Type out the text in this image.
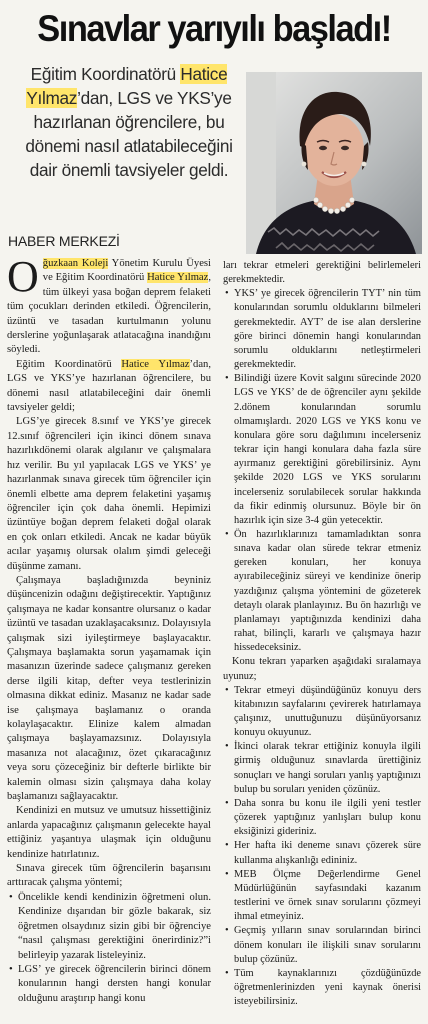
Sınavlar yarıyılı başladı!
Eğitim Koordinatörü Hatice Yılmaz’dan, LGS ve YKS’ye hazırlanan öğrencilere, bu dönemi nasıl atlatabileceğini dair önemli tavsiyeler geldi.
HABER MERKEZİ

Oğuzkaan Koleji Yönetim Kurulu Üyesi ve Eğitim Koordinatörü Hatice Yılmaz, tüm ülkeyi yasa boğan deprem felaketi tüm çocukları derinden etkiledi. Öğrencilerin, üzüntü ve tasadan kurtulmanın yolunu derslerine yoğunlaşarak atlatacağına inandığını söyledi.

Eğitim Koordinatörü Hatice Yılmaz’dan, LGS ve YKS’ye hazırlanan öğrencilere, bu dönemi nasıl atlatabileceğini dair önemli tavsiyeler geldi;

LGS’ye girecek 8.sınıf ve YKS’ye girecek 12.sınıf öğrencileri için ikinci dönem sınava hazırlıkdönemi olarak algılanır ve çalışmalara hız verilir. Bu yıl yapılacak LGS ve YKS’ ye hazırlanmak sınava girecek tüm öğrenciler için önemli elbette ama deprem felaketini yaşamış öğrenciler için çok daha önemli. Hepimizi üzüntüye boğan deprem felaketi doğal olarak en çok onları etkiledi. Ancak ne kadar büyük acılar yaşamış olursak olalım şimdi geleceği düşünme zamanı.

Çalışmaya başladığınızda beyniniz düşüncenizin odağını değiştirecektir. Yaptığınız çalışmaya ne kadar konsantre olursanız o kadar üzüntü ve tasadan uzaklaşacaksınız. Dolayısıyla çalışmak sizi iyileştirmeye başlayacaktır. Çalışmaya başlamakta sorun yaşamamak için masanızın üzerinde sadece çalışmanız gereken derse ilgili kitap, defter veya testlerinizin olmasına dikkat ediniz. Masanız ne kadar sade ise çalışmaya başlamanız o oranda kolaylaşacaktır. Elinize kalem almadan çalışmaya başlayamazsınız. Dolayısıyla masanıza not alacağınız, özet çıkaracağınız veya soru çözeceğiniz bir defterle birlikte bir kalemin olması sizin çalışmaya daha kolay başlamanızı sağlayacaktır.

Kendinizi en mutsuz ve umutsuz hissettiğiniz anlarda yapacağınız çalışmanın gelecekte hayal ettiğiniz yaşantıya ulaşmak için olduğunu kendinize hatırlatınız.

Sınava girecek tüm öğrencilerin başarısını arttıracak çalışma yöntemi;

• Öncelikle kendi kendinizin öğretmeni olun. Kendinize dışarıdan bir gözle bakarak, siz öğretmen olsaydınız sizin gibi bir öğrenciye “nasıl çalışması gerektiğini önerirdiniz?”i belirleyip yazarak listeleyiniz.
• LGS’ ye girecek öğrencilerin birinci dönem konularının hangi dersten hangi konular olduğunu araştırıp hangi konu

ları tekrar etmeleri gerektiğini belirlemeleri gerekmektedir.

• YKS’ ye girecek öğrencilerin TYT’ nin tüm konularından sorumlu olduklarını bilmeleri gerekmektedir. AYT’ de ise alan derslerine göre birinci dönemin hangi konularından sorumlu olduklarını netleştirmeleri gerekmektedir.
• Bilindiği üzere Kovit salgını sürecinde 2020 LGS ve YKS’ de de öğrenciler aynı şekilde 2.dönem konularından sorumlu olmamışlardı. 2020 LGS ve YKS konu ve konulara göre soru dağılımını incelerseniz tekrar için hangi konulara daha fazla süre ayırmanız gerektiğini görebilirsiniz. Aynı şekilde 2020 LGS ve YKS sorularını incelerseniz sorulabilecek sorular hakkında da fikir edinmiş olursunuz. Böyle bir ön hazırlık için size 3-4 gün yetecektir.
• Ön hazırlıklarınızı tamamladıktan sonra sınava kadar olan sürede tekrar etmeniz gereken konuları, her konuya ayırabileceğiniz süreyi ve kendinize önerip yazdığınız çalışma yöntemini de gözeterek detaylı olarak planlayınız. Bu ön hazırlığı ve planlamayı yaptığınızda kendinizi daha rahat, bilinçli, kararlı ve çalışmaya hazır hissedeceksiniz.

Konu tekrarı yaparken aşağıdaki sıralamaya uyunuz;

• Tekrar etmeyi düşündüğünüz konuyu ders kitabınızın sayfalarını çevirerek hatırlamaya çalışınız, unuttuğunuzu düşünüyorsanız konuyu okuyunuz.
• İkinci olarak tekrar ettiğiniz konuyla ilgili girmiş olduğunuz sınavlarda ürettiğiniz sonuçları ve hangi soruları yanlış yaptığınızı bulup bu soruları yeniden çözünüz.
• Daha sonra bu konu ile ilgili yeni testler çözerek yaptığınız yanlışları bulup konu eksiğinizi gideriniz.
• Her hafta iki deneme sınavı çözerek süre kullanma alışkanlığı edininiz.
• MEB Ölçme Değerlendirme Genel Müdürlüğünün sayfasındaki kazanım testlerini ve örnek sınav sorularını çözmeyi ihmal etmeyiniz.
• Geçmiş yılların sınav sorularından birinci dönem konuları ile ilişkili sınav sorularını bulup çözünüz.
• Tüm kaynaklarınızı çözdüğünüzde öğretmenlerinizden yeni kaynak önerisi isteyebilirsiniz.
